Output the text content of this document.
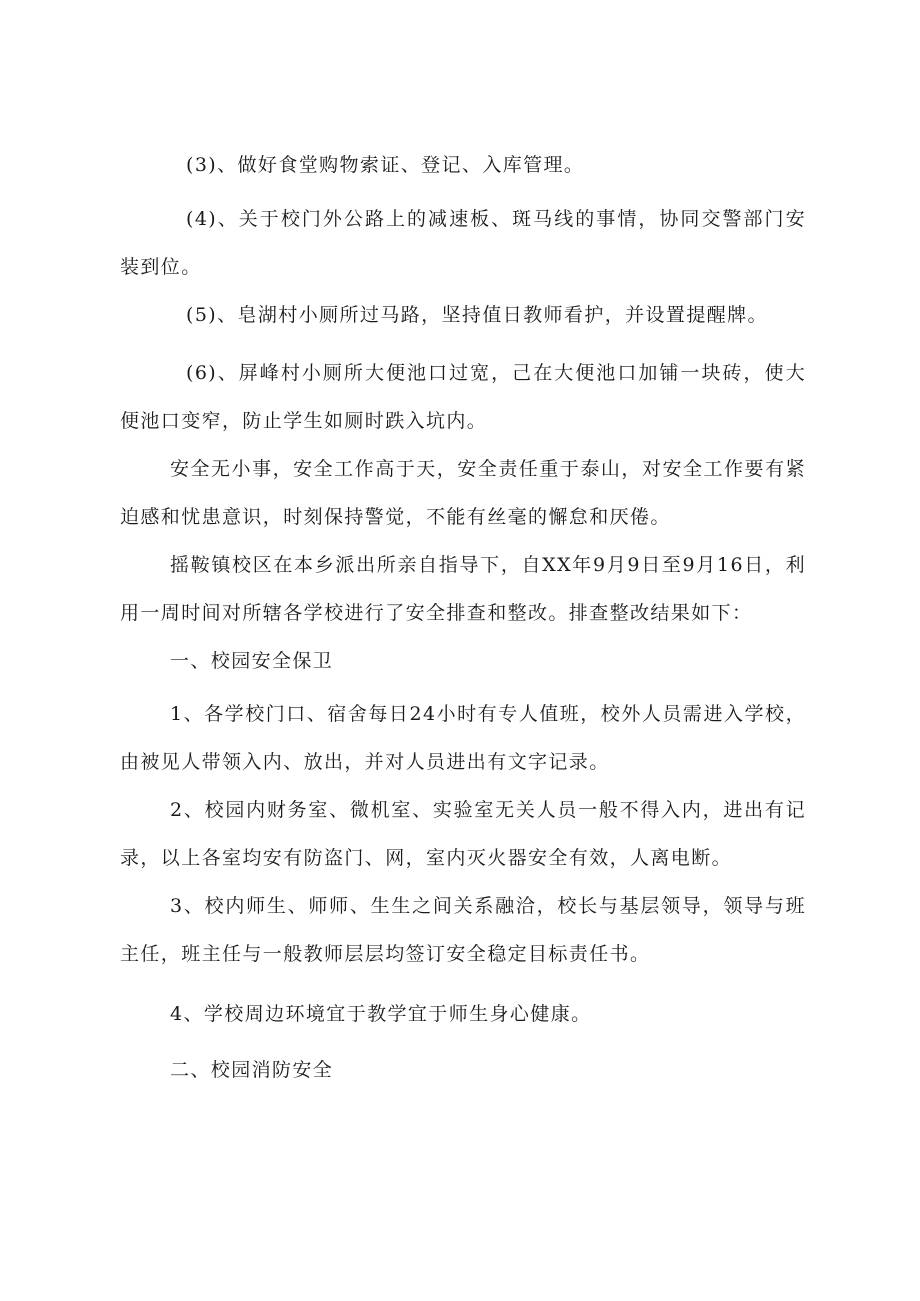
(3)、做好食堂购物索证、登记、入库管理。

(4)、关于校门外公路上的减速板、斑马线的事情，协同交警部门安装到位。

(5)、皂湖村小厕所过马路，坚持值日教师看护，并设置提醒牌。

(6)、屏峰村小厕所大便池口过宽，己在大便池口加铺一块砖，使大便池口变窄，防止学生如厕时跌入坑内。

安全无小事，安全工作高于天，安全责任重于泰山，对安全工作要有紧迫感和忧患意识，时刻保持警觉，不能有丝毫的懈怠和厌倦。

摇鞍镇校区在本乡派出所亲自指导下，自XX年9月9日至9月16日，利用一周时间对所辖各学校进行了安全排查和整改。排查整改结果如下：

一、校园安全保卫

1、各学校门口、宿舍每日24小时有专人值班，校外人员需进入学校，由被见人带领入内、放出，并对人员进出有文字记录。

2、校园内财务室、微机室、实验室无关人员一般不得入内，进出有记录，以上各室均安有防盗门、网，室内灭火器安全有效，人离电断。

3、校内师生、师师、生生之间关系融洽，校长与基层领导，领导与班主任，班主任与一般教师层层均签订安全稳定目标责任书。

4、学校周边环境宜于教学宜于师生身心健康。

二、校园消防安全
